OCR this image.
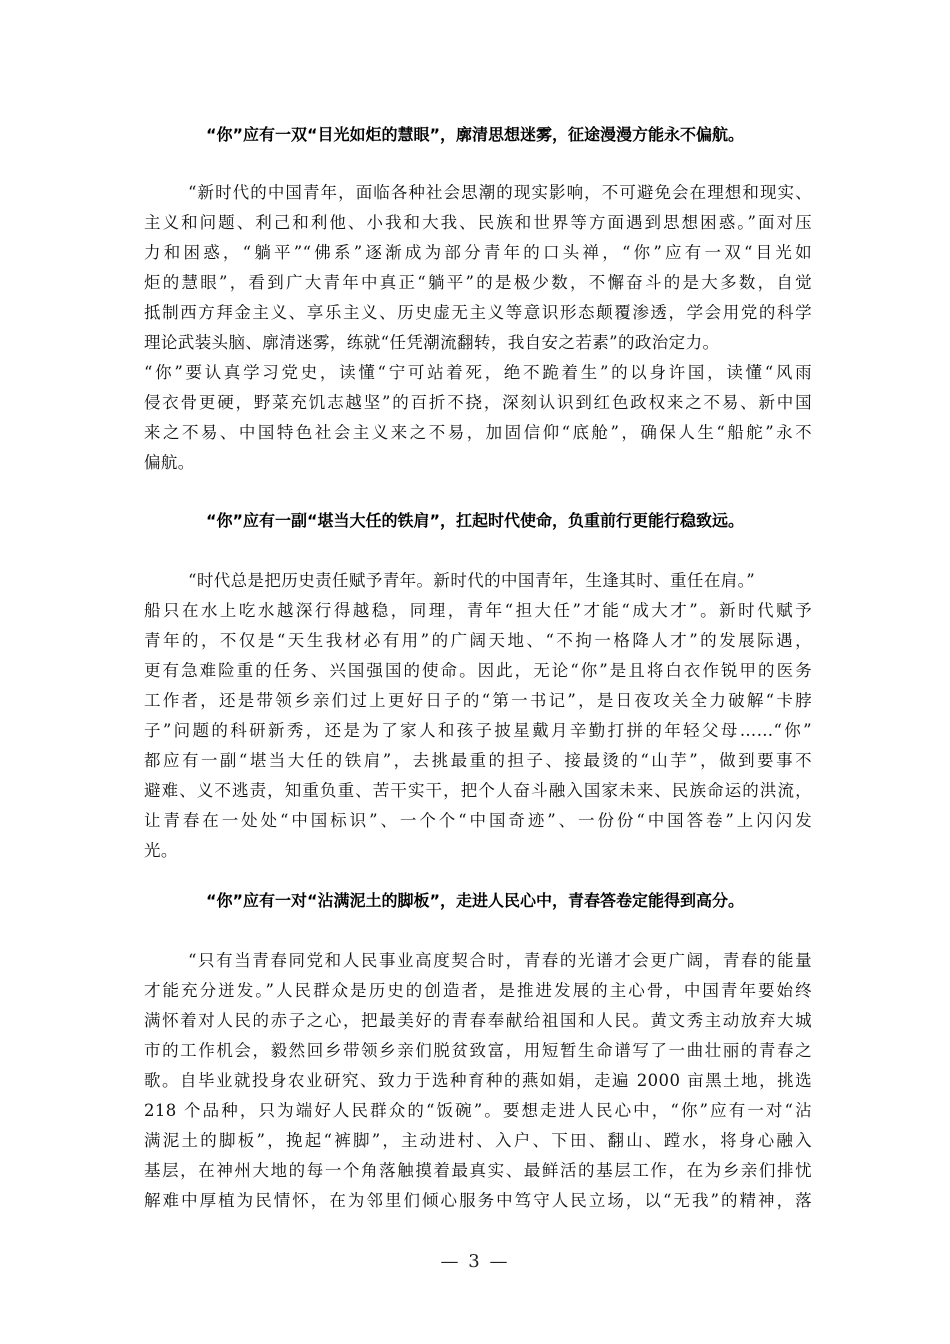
“你”应有一双“目光如炬的慧眼”，廓清思想迷雾，征途漫漫方能永不偏航。
“新时代的中国青年，面临各种社会思潮的现实影响，不可避免会在理想和现实、
主义和问题、利己和利他、小我和大我、民族和世界等方面遇到思想困惑。”面对压
力和困惑，“躺平”“佛系”逐渐成为部分青年的口头禅，“你”应有一双“目光如
炬的慧眼”，看到广大青年中真正“躺平”的是极少数，不懈奋斗的是大多数，自觉
抵制西方拜金主义、享乐主义、历史虚无主义等意识形态颠覆渗透，学会用党的科学
理论武装头脑、廓清迷雾，练就“任凭潮流翻转，我自安之若素”的政治定力。
“你”要认真学习党史，读懂“宁可站着死，绝不跪着生”的以身许国，读懂“风雨
侵衣骨更硬，野菜充饥志越坚”的百折不挠，深刻认识到红色政权来之不易、新中国
来之不易、中国特色社会主义来之不易，加固信仰“底舱”，确保人生“船舵”永不
偏航。
“你”应有一副“堪当大任的铁肩”，扛起时代使命，负重前行更能行稳致远。
“时代总是把历史责任赋予青年。新时代的中国青年，生逢其时、重任在肩。”
船只在水上吃水越深行得越稳，同理，青年“担大任”才能“成大才”。新时代赋予
青年的，不仅是“天生我材必有用”的广阔天地、“不拘一格降人才”的发展际遇，
更有急难险重的任务、兴国强国的使命。因此，无论“你”是且将白衣作锐甲的医务
工作者，还是带领乡亲们过上更好日子的“第一书记”，是日夜攻关全力破解“卡脖
子”问题的科研新秀，还是为了家人和孩子披星戴月辛勤打拼的年轻父母……“你”
都应有一副“堪当大任的铁肩”，去挑最重的担子、接最烫的“山芋”，做到要事不
避难、义不逃责，知重负重、苦干实干，把个人奋斗融入国家未来、民族命运的洪流，
让青春在一处处“中国标识”、一个个“中国奇迹”、一份份“中国答卷”上闪闪发
光。
“你”应有一对“沾满泥土的脚板”，走进人民心中，青春答卷定能得到高分。
“只有当青春同党和人民事业高度契合时，青春的光谱才会更广阔，青春的能量
才能充分迸发。”人民群众是历史的创造者，是推进发展的主心骨，中国青年要始终
满怀着对人民的赤子之心，把最美好的青春奉献给祖国和人民。黄文秀主动放弃大城
市的工作机会，毅然回乡带领乡亲们脱贫致富，用短暂生命谱写了一曲壮丽的青春之
歌。自毕业就投身农业研究、致力于选种育种的燕如娟，走遍 2000 亩黑土地，挑选
218 个品种，只为端好人民群众的“饭碗”。要想走进人民心中，“你”应有一对“沾
满泥土的脚板”，挽起“裤脚”，主动进村、入户、下田、翻山、蹚水，将身心融入
基层，在神州大地的每一个角落触摸着最真实、最鲜活的基层工作，在为乡亲们排忧
解难中厚植为民情怀，在为邻里们倾心服务中笃守人民立场，以“无我”的精神，落
— 3 —
